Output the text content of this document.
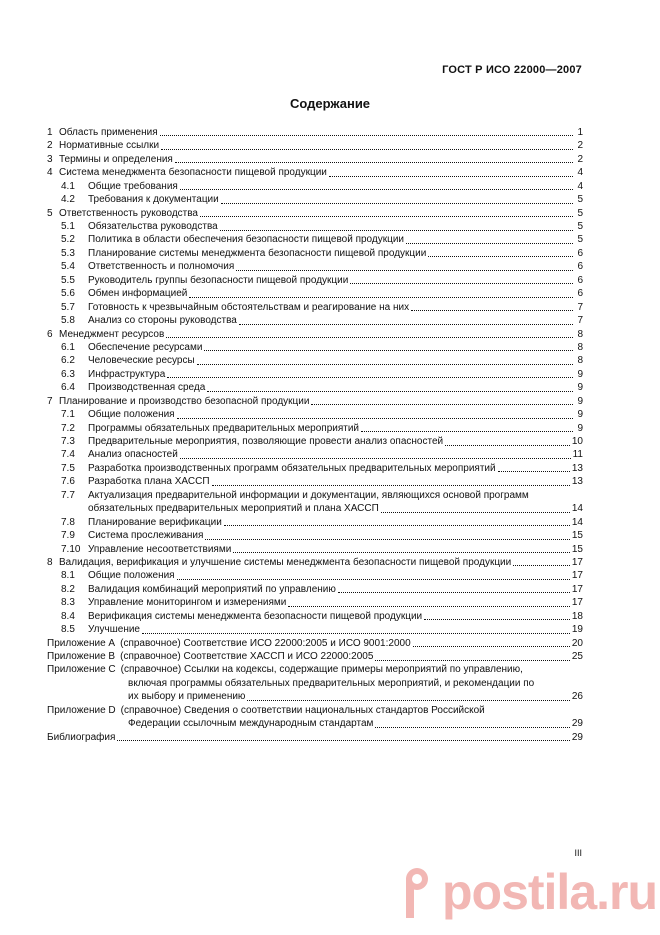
ГОСТ Р ИСО 22000—2007
Содержание
1 Область применения	1
2 Нормативные ссылки	2
3 Термины и определения	2
4 Система менеджмента безопасности пищевой продукции	4
4.1	Общие требования	4
4.2	Требования к документации	5
5 Ответственность руководства	5
5.1	Обязательства руководства	5
5.2	Политика в области обеспечения безопасности пищевой продукции	5
5.3	Планирование системы менеджмента безопасности пищевой продукции	6
5.4	Ответственность и полномочия	6
5.5	Руководитель группы безопасности пищевой продукции	6
5.6	Обмен информацией	6
5.7	Готовность к чрезвычайным обстоятельствам и реагирование на них	7
5.8	Анализ со стороны руководства	7
6 Менеджмент ресурсов	8
6.1	Обеспечение ресурсами	8
6.2	Человеческие ресурсы	8
6.3	Инфраструктура	9
6.4	Производственная среда	9
7 Планирование и производство безопасной продукции	9
7.1	Общие положения	9
7.2	Программы обязательных предварительных мероприятий	9
7.3	Предварительные мероприятия, позволяющие провести анализ опасностей	10
7.4	Анализ опасностей	11
7.5	Разработка производственных программ обязательных предварительных мероприятий	13
7.6	Разработка плана ХАССП	13
7.7	Актуализация предварительной информации и документации, являющихся основой программ
обязательных предварительных мероприятий и плана ХАССП	14
7.8	Планирование верификации	14
7.9	Система прослеживания	15
7.10 Управление несоответствиями	15
8 Валидация, верификация и улучшение системы менеджмента безопасности пищевой продукции	17
8.1	Общие положения	17
8.2	Валидация комбинаций мероприятий по управлению	17
8.3	Управление мониторингом и измерениями	17
8.4	Верификация системы менеджмента безопасности пищевой продукции	18
8.5	Улучшение	19
Приложение А (справочное) Соответствие ИСО 22000:2005 и ИСО 9001:2000	20
Приложение В (справочное) Соответствие ХАССП и ИСО 22000:2005	25
Приложение С (справочное) Ссылки на кодексы, содержащие примеры мероприятий по управлению,
включая программы обязательных предварительных мероприятий, и рекомендации по
их выбору и применению	26
Приложение D (справочное) Сведения о соответствии национальных стандартов Российской
Федерации ссылочным международным стандартам	29
Библиография	29
III
postila.ru
